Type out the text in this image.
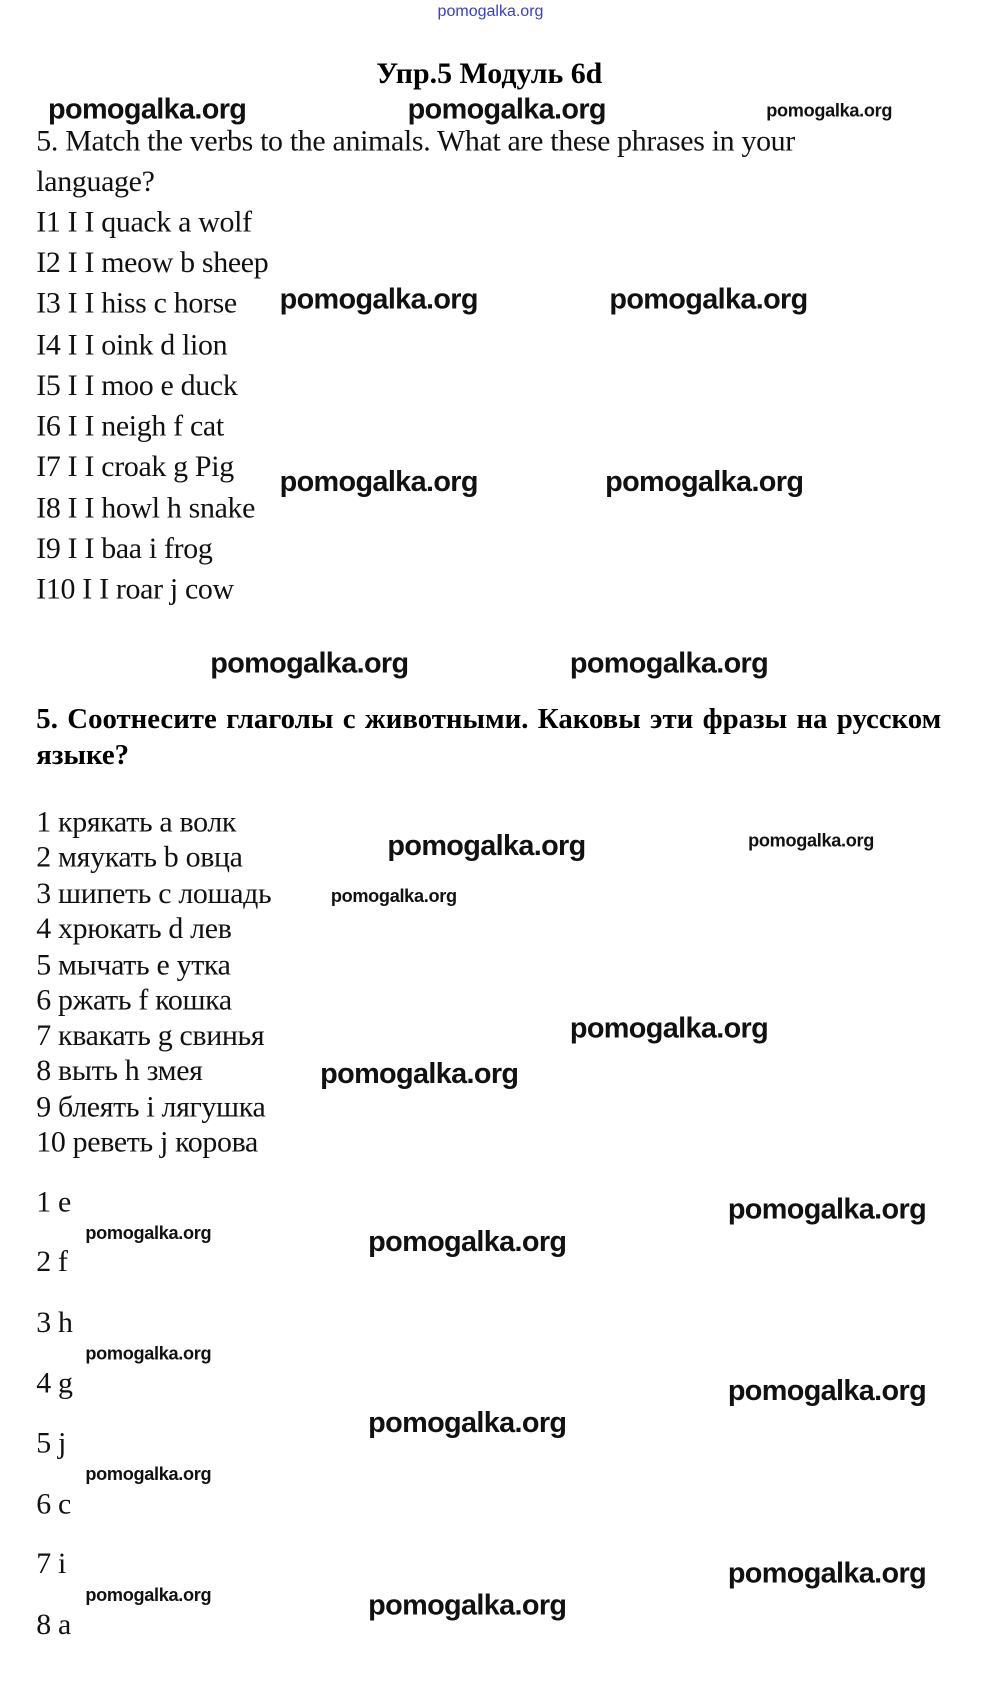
pomogalka.org
Упр.5 Модуль 6d
pomogalka.org	pomogalka.org
5. Match the verbs to the animals. What are these phrases in your
pomogalka.org
language?
I1 I I quack a wolf
I2 I I meow b sheep
I3 I I hiss c horse
I4 I I oink d lion
I5 I I moo e duck
I6 I I neigh f cat
I7 I I croak g Pig
I8 I I howl h snake
I9 I I baa i frog
I10 I I roar j cow
pomogalka.org	pomogalka.org
pomogalka.org	pomogalka.org
pomogalka.org	pomogalka.org
5. Соотнесите глаголы с животными. Каковы эти фразы на русском языке?
1 крякать a волк
2 мяукать b овца
3 шипеть c лошадь
4 хрюкать d лев
5 мычать e утка
6 ржать f кошка
7 квакать g свинья
8 выть h змея
9 блеять i лягушка
10 реветь j корова
pomogalka.org	pomogalka.org
pomogalka.org
pomogalka.org
pomogalka.org
1 e
2 f
3 h
4 g
5 j
6 c
7 i
8 a
pomogalka.org
pomogalka.org
pomogalka.org
pomogalka.org
pomogalka.org
pomogalka.org
pomogalka.org
pomogalka.org
pomogalka.org
pomogalka.org
